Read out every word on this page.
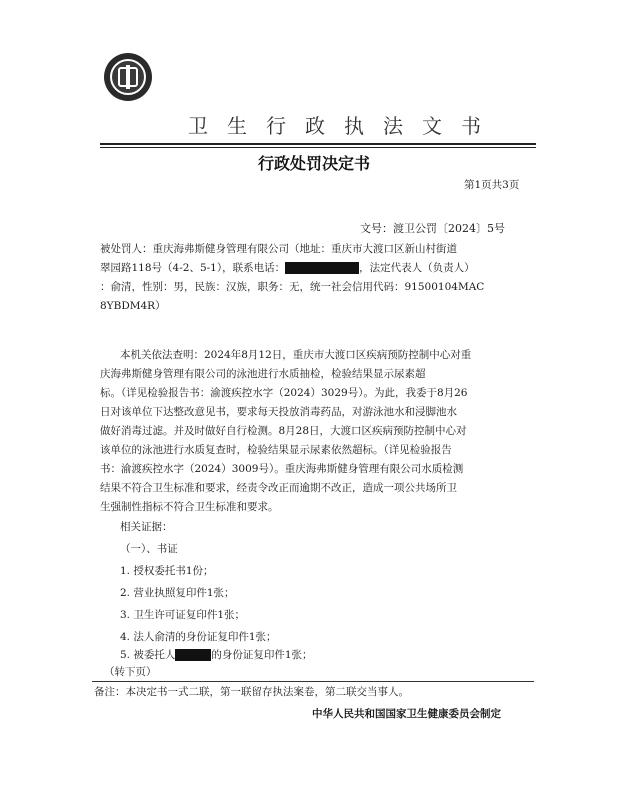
卫生行政执法文书
行政处罚决定书
第1页共3页
文号：渡卫公罚〔2024〕5号
被处罚人：重庆海弗斯健身管理有限公司（地址：重庆市大渡口区新山村街道
翠园路118号（4-2、5-1），联系电话：	，法定代表人（负责人）
：俞清，性别：男，民族：汉族，职务：无，统一社会信用代码：91500104MAC
8YBDM4R）
本机关依法查明：2024年8月12日，重庆市大渡口区疾病预防控制中心对重
庆海弗斯健身管理有限公司的泳池进行水质抽检，检验结果显示尿素超
标。（详见检验报告书：渝渡疾控水字（2024）3029号）。为此，我委于8月26
日对该单位下达整改意见书，要求每天投放消毒药品，对游泳池水和浸脚池水
做好消毒过滤。并及时做好自行检测。8月28日，大渡口区疾病预防控制中心对
该单位的泳池进行水质复查时，检验结果显示尿素依然超标。（详见检验报告
书：渝渡疾控水字（2024）3009号）。重庆海弗斯健身管理有限公司水质检测
结果不符合卫生标准和要求，经责令改正而逾期不改正，造成一项公共场所卫
生强制性指标不符合卫生标准和要求。
相关证据：
（一）、书证
1. 授权委托书1份；
2. 营业执照复印件1张；
3. 卫生许可证复印件1张；
4. 法人俞清的身份证复印件1张；
5. 被委托人	的身份证复印件1张；
（转下页）
备注：本决定书一式二联，第一联留存执法案卷，第二联交当事人。
中华人民共和国国家卫生健康委员会制定
